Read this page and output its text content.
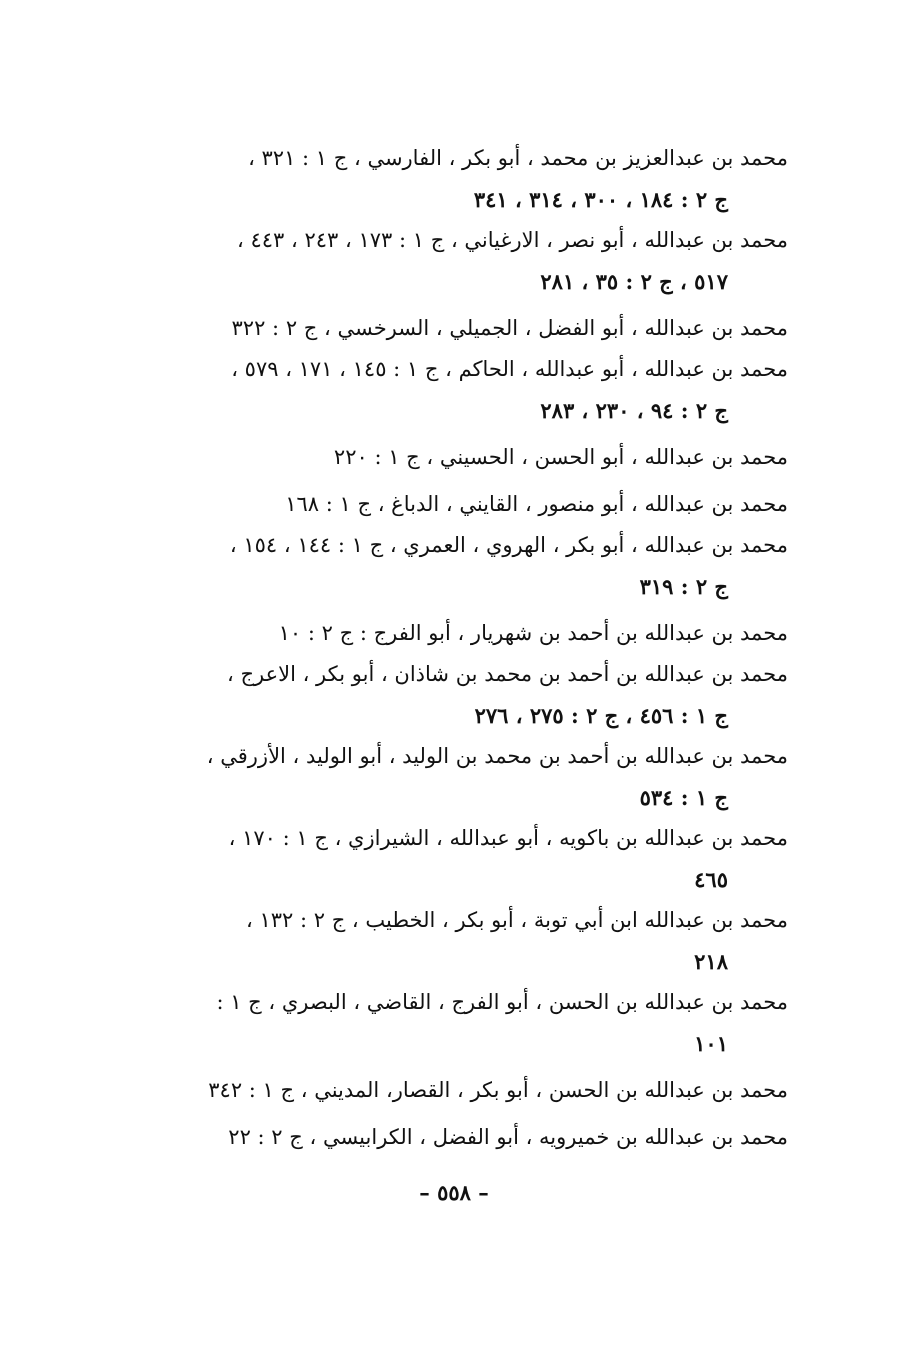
محمد بن عبدالعزيز بن محمد ، أبو بكر ، الفارسي ، ج ١ : ٣٢١ ،
ج ٢ : ١٨٤ ، ٣٠٠ ، ٣١٤ ، ٣٤١
محمد بن عبدالله ، أبو نصر ، الارغياني ، ج ١ : ١٧٣ ، ٢٤٣ ، ٤٤٣ ،
٥١٧ ، ج ٢ : ٣٥ ، ٢٨١
محمد بن عبدالله ، أبو الفضل ، الجميلي ، السرخسي ، ج ٢ : ٣٢٢
محمد بن عبدالله ، أبو عبدالله ، الحاكم ، ج ١ : ١٤٥ ، ١٧١ ، ٥٧٩ ،
ج ٢ : ٩٤ ، ٢٣٠ ، ٢٨٣
محمد بن عبدالله ، أبو الحسن ، الحسيني ، ج ١ : ٢٢٠
محمد بن عبدالله ، أبو منصور ، القايني ، الدباغ ، ج ١ : ١٦٨
محمد بن عبدالله ، أبو بكر ، الهروي ، العمري ، ج ١ : ١٤٤ ، ١٥٤ ،
ج ٢ : ٣١٩
محمد بن عبدالله بن أحمد بن شهريار ، أبو الفرج : ج ٢ : ١٠
محمد بن عبدالله بن أحمد بن محمد بن شاذان ، أبو بكر ، الاعرج ،
ج ١ : ٤٥٦ ، ج ٢ : ٢٧٥ ، ٢٧٦
محمد بن عبدالله بن أحمد بن محمد بن الوليد ، أبو الوليد ، الأزرقي ،
ج ١ : ٥٣٤
محمد بن عبدالله بن باكويه ، أبو عبدالله ، الشيرازي ، ج ١ : ١٧٠ ،
٤٦٥
محمد بن عبدالله ابن أبي توبة ، أبو بكر ، الخطيب ، ج ٢ : ١٣٢ ،
٢١٨
محمد بن عبدالله بن الحسن ، أبو الفرج ، القاضي ، البصري ، ج ١ :
١٠١
محمد بن عبدالله بن الحسن ، أبو بكر ، القصار، المديني ، ج ١ : ٣٤٢
محمد بن عبدالله بن خميرويه ، أبو الفضل ، الكرابيسي ، ج ٢ : ٢٢
– ٥٥٨ –
